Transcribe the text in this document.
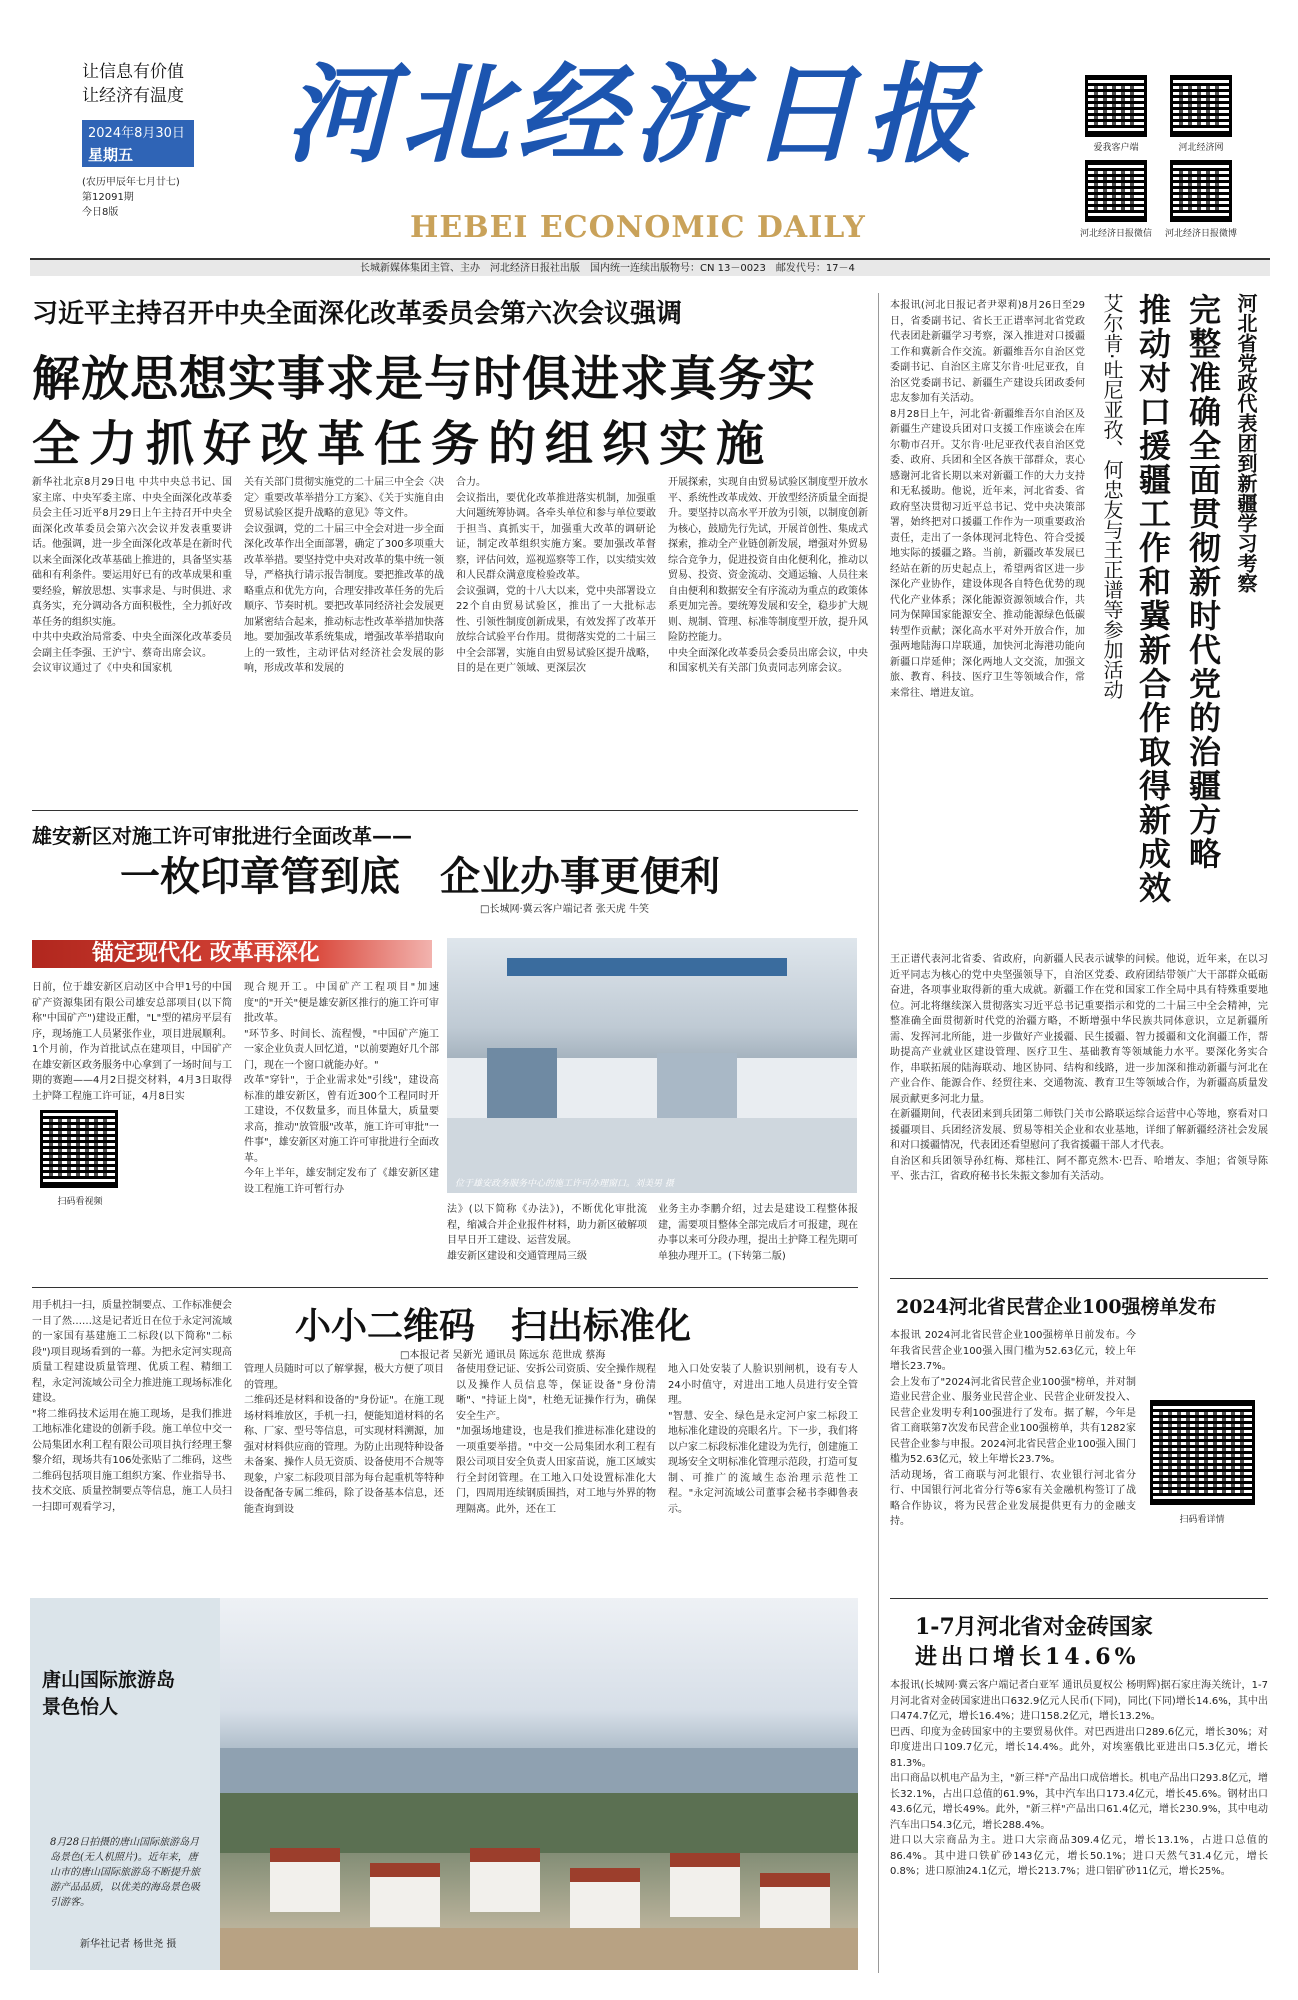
让信息有价值
让经济有温度
2024年8月30日
星期五
(农历甲辰年七月廿七)
第12091期
今日8版
河北经济日报
HEBEI ECONOMIC DAILY
爱我客户端	河北经济网
河北经济日报微信	河北经济日报微博
长城新媒体集团主管、主办　河北经济日报社出版　国内统一连续出版物号：CN 13－0023　邮发代号：17－4
习近平主持召开中央全面深化改革委员会第六次会议强调
解放思想实事求是与时俱进求真务实
全力抓好改革任务的组织实施
新华社北京8月29日电 中共中央总书记、国家主席、中央军委主席、中央全面深化改革委员会主任习近平8月29日上午主持召开中央全面深化改革委员会第六次会议并发表重要讲话。他强调，进一步全面深化改革是在新时代以来全面深化改革基础上推进的，具备坚实基础和有利条件。要运用好已有的改革成果和重要经验，解放思想、实事求是、与时俱进、求真务实，充分调动各方面积极性，全力抓好改革任务的组织实施。
中共中央政治局常委、中央全面深化改革委员会副主任李强、王沪宁、蔡奇出席会议。
会议审议通过了《中央和国家机
关有关部门贯彻实施党的二十届三中全会〈决定〉重要改革举措分工方案》、《关于实施自由贸易试验区提升战略的意见》等文件。
会议强调，党的二十届三中全会对进一步全面深化改革作出全面部署，确定了300多项重大改革举措。要坚持党中央对改革的集中统一领导，严格执行请示报告制度。要把推改革的战略重点和优先方向，合理安排改革任务的先后顺序、节奏时机。要把改革同经济社会发展更加紧密结合起来，推动标志性改革举措加快落地。要加强改革系统集成，增强改革举措取向上的一致性，主动评估对经济社会发展的影响，形成改革和发展的
合力。
会议指出，要优化改革推进落实机制，加强重大问题统筹协调。各牵头单位和参与单位要敢于担当、真抓实干，加强重大改革的调研论证，制定改革组织实施方案。要加强改革督察，评估问效，巡视巡察等工作，以实绩实效和人民群众满意度检验改革。
会议强调，党的十八大以来，党中央部署设立22个自由贸易试验区，推出了一大批标志性、引领性制度创新成果，有效发挥了改革开放综合试验平台作用。贯彻落实党的二十届三中全会部署，实施自由贸易试验区提升战略，目的是在更广领域、更深层次
开展探索，实现自由贸易试验区制度型开放水平、系统性改革成效、开放型经济质量全面提升。要坚持以高水平开放为引领，以制度创新为核心，鼓励先行先试，开展首创性、集成式探索，推动全产业链创新发展，增强对外贸易综合竞争力，促进投资自由化便利化，推动以贸易、投资、资金流动、交通运输、人员往来自由便利和数据安全有序流动为重点的政策体系更加完善。要统筹发展和安全，稳步扩大规则、规制、管理、标准等制度型开放，提升风险防控能力。
中央全面深化改革委员会委员出席会议，中央和国家机关有关部门负责同志列席会议。
雄安新区对施工许可审批进行全面改革——
一枚印章管到底　企业办事更便利
□长城网·冀云客户端记者 张天虎 牛笑
锚定现代化 改革再深化
位于雄安政务服务中心的施工许可办理窗口。刘美男 摄
日前，位于雄安新区启动区中合甲1号的中国矿产资源集团有限公司雄安总部项目(以下简称"中国矿产")建设正酣，"L"型的裙房平层有序，现场施工人员紧张作业，项目进展顺利。
1个月前，作为首批试点在建项目，中国矿产在雄安新区政务服务中心拿到了一场时间与工期的赛跑——4月2日提交材料，4月3日取得土护降工程施工许可证，4月8日实
扫码看视频
现合规开工。中国矿产工程项目"加速度"的"开关"便是雄安新区推行的施工许可审批改革。
"环节多、时间长、流程慢，"中国矿产施工一家企业负责人回忆道，"以前要跑好几个部门，现在一个窗口就能办好。"
改革"穿针"，于企业需求处"引线"，建设高标准的雄安新区，曾有近300个工程同时开工建设，不仅数量多，而且体量大，质量要求高，推动"放管服"改革，施工许可审批"一件事"，雄安新区对施工许可审批进行全面改革。
今年上半年，雄安制定发布了《雄安新区建设工程施工许可暂行办
法》(以下简称《办法》)，不断优化审批流程，缩减合并企业报件材料，助力新区破解项目早日开工建设、运营发展。
雄安新区建设和交通管理局三级
业务主办李鹏介绍，过去是建设工程整体报建，需要项目整体全部完成后才可报建，现在办事以来可分段办理，提出土护降工程先期可单独办理开工。(下转第二版)
小小二维码　扫出标准化
□本报记者 吴新光 通讯员 陈远东 范世成 蔡海
用手机扫一扫，质量控制要点、工作标准便会一目了然……这是记者近日在位于永定河流域的一家国有基建施工二标段(以下简称"二标段")项目现场看到的一幕。为把永定河实现高质量工程建设质量管理、优质工程、精细工程，永定河流域公司全力推进施工现场标准化建设。
"将二维码技术运用在施工现场，是我们推进工地标准化建设的创新手段。施工单位中交一公局集团水利工程有限公司项目执行经理王黎黎介绍，现场共有106处张贴了二维码，这些二维码包括项目施工组织方案、作业指导书、技术交底、质量控制要点等信息，施工人员扫一扫即可观看学习，
管理人员随时可以了解掌握，极大方便了项目的管理。
二维码还是材料和设备的"身份证"。在施工现场材料堆放区，手机一扫，便能知道材料的名称、厂家、型号等信息，可实现材料溯源，加强对材料供应商的管理。为防止出现特种设备未备案、操作人员无资质、设备使用不合规等现象，户家二标段项目部为每台起重机等特种设备配备专属二维码，除了设备基本信息，还能查询到设
备使用登记证、安拆公司资质、安全操作规程以及操作人员信息等，保证设备"身份清晰"、"持证上岗"，杜绝无证操作行为，确保安全生产。
"加强场地建设，也是我们推进标准化建设的一项重要举措。"中交一公局集团水利工程有限公司项目安全负责人田家苗说，施工区域实行全封闭管理。在工地入口处设置标准化大门，四周用连续钢质围挡，对工地与外界的物理隔离。此外，还在工
地入口处安装了人脸识别闸机，设有专人24小时值守，对进出工地人员进行安全管理。
"智慧、安全、绿色是永定河户家二标段工地标准化建设的亮眼名片。下一步，我们将以户家二标段标准化建设为先行，创建施工现场安全文明标准化管理示范段，打造可复制、可推广的流域生态治理示范性工程。"永定河流域公司董事会秘书李卿鲁表示。
唐山国际旅游岛
景色怡人
8月28日拍摄的唐山国际旅游岛月岛景色(无人机照片)。近年来，唐山市的唐山国际旅游岛不断提升旅游产品品质，以优美的海岛景色吸引游客。
新华社记者 杨世尧 摄
河北省党政代表团到新疆学习考察
完整准确全面贯彻新时代党的治疆方略
推动对口援疆工作和冀新合作取得新成效
艾尔肯·吐尼亚孜、何忠友与王正谱等参加活动
本报讯(河北日报记者尹翠莉)8月26日至29日，省委副书记、省长王正谱率河北省党政代表团赴新疆学习考察，深入推进对口援疆工作和冀新合作交流。新疆维吾尔自治区党委副书记、自治区主席艾尔肯·吐尼亚孜，自治区党委副书记、新疆生产建设兵团政委何忠友参加有关活动。
8月28日上午，河北省·新疆维吾尔自治区及新疆生产建设兵团对口支援工作座谈会在库尔勒市召开。艾尔肯·吐尼亚孜代表自治区党委、政府、兵团和全区各族干部群众，衷心感谢河北省长期以来对新疆工作的大力支持和无私援助。他说，近年来，河北省委、省政府坚决贯彻习近平总书记、党中央决策部署，始终把对口援疆工作作为一项重要政治责任，走出了一条体现河北特色、符合受援地实际的援疆之路。当前，新疆改革发展已经站在新的历史起点上，希望两省区进一步深化产业协作，建设体现各自特色优势的现代化产业体系；深化能源资源领域合作，共同为保障国家能源安全、推动能源绿色低碳转型作贡献；深化高水平对外开放合作，加强两地陆海口岸联通，加快河北海港功能向新疆口岸延伸；深化两地人文交流，加强文旅、教育、科技、医疗卫生等领域合作，常来常往、增进友谊。
王正谱代表河北省委、省政府，向新疆人民表示诚挚的问候。他说，近年来，在以习近平同志为核心的党中央坚强领导下，自治区党委、政府团结带领广大干部群众砥砺奋进，各项事业取得新的重大成就。新疆工作在党和国家工作全局中具有特殊重要地位。河北将继续深入贯彻落实习近平总书记重要指示和党的二十届三中全会精神，完整准确全面贯彻新时代党的治疆方略，不断增强中华民族共同体意识，立足新疆所需、发挥河北所能，进一步做好产业援疆、民生援疆、智力援疆和文化润疆工作，帮助提高产业就业区建设管理、医疗卫生、基础教育等领域能力水平。要深化务实合作，串联拓展的陆海联动、地区协同、结构和线路，进一步加深和推动新疆与河北在产业合作、能源合作、经贸往来、交通物流、教育卫生等领域合作，为新疆高质量发展贡献更多河北力量。
在新疆期间，代表团来到兵团第二师铁门关市公路联运综合运营中心等地，察看对口援疆项目、兵团经济发展、贸易等相关企业和农业基地，详细了解新疆经济社会发展和对口援疆情况，代表团还看望慰问了我省援疆干部人才代表。
自治区和兵团领导孙红梅、郑桂江、阿不都克然木·巴吾、哈增友、李旭；省领导陈平、张古江，省政府秘书长朱振文参加有关活动。
2024河北省民营企业100强榜单发布
本报讯 2024河北省民营企业100强榜单日前发布。今年我省民营企业100强入围门槛为52.63亿元，较上年增长23.7%。
会上发布了"2024河北省民营企业100强"榜单，并对制造业民营企业、服务业民营企业、民营企业研发投入、民营企业发明专利100强进行了发布。据了解，今年是省工商联第7次发布民营企业100强榜单，共有1282家民营企业参与申报。2024河北省民营企业100强入围门槛为52.63亿元，较上年增长23.7%。
活动现场，省工商联与河北银行、农业银行河北省分行、中国银行河北省分行等6家有关金融机构签订了战略合作协议，将为民营企业发展提供更有力的金融支持。	扫码看详情
1-7月河北省对金砖国家
进出口增长14.6%
本报讯(长城网·冀云客户端记者白亚军 通讯员夏权公 杨明辉)据石家庄海关统计，1-7月河北省对金砖国家进出口632.9亿元人民币(下同)，同比(下同)增长14.6%，其中出口474.7亿元，增长16.4%；进口158.2亿元，增长13.2%。
巴西、印度为金砖国家中的主要贸易伙伴。对巴西进出口289.6亿元，增长30%；对印度进出口109.7亿元，增长14.4%。此外，对埃塞俄比亚进出口5.3亿元，增长81.3%。
出口商品以机电产品为主，"新三样"产品出口成倍增长。机电产品出口293.8亿元，增长32.1%，占出口总值的61.9%，其中汽车出口173.4亿元，增长45.6%。钢材出口43.6亿元，增长49%。此外，"新三样"产品出口61.4亿元，增长230.9%，其中电动汽车出口54.3亿元，增长288.4%。
进口以大宗商品为主。进口大宗商品309.4亿元，增长13.1%，占进口总值的86.4%。其中进口铁矿砂143亿元，增长50.1%；进口天然气31.4亿元，增长0.8%；进口原油24.1亿元，增长213.7%；进口铝矿砂11亿元，增长25%。
